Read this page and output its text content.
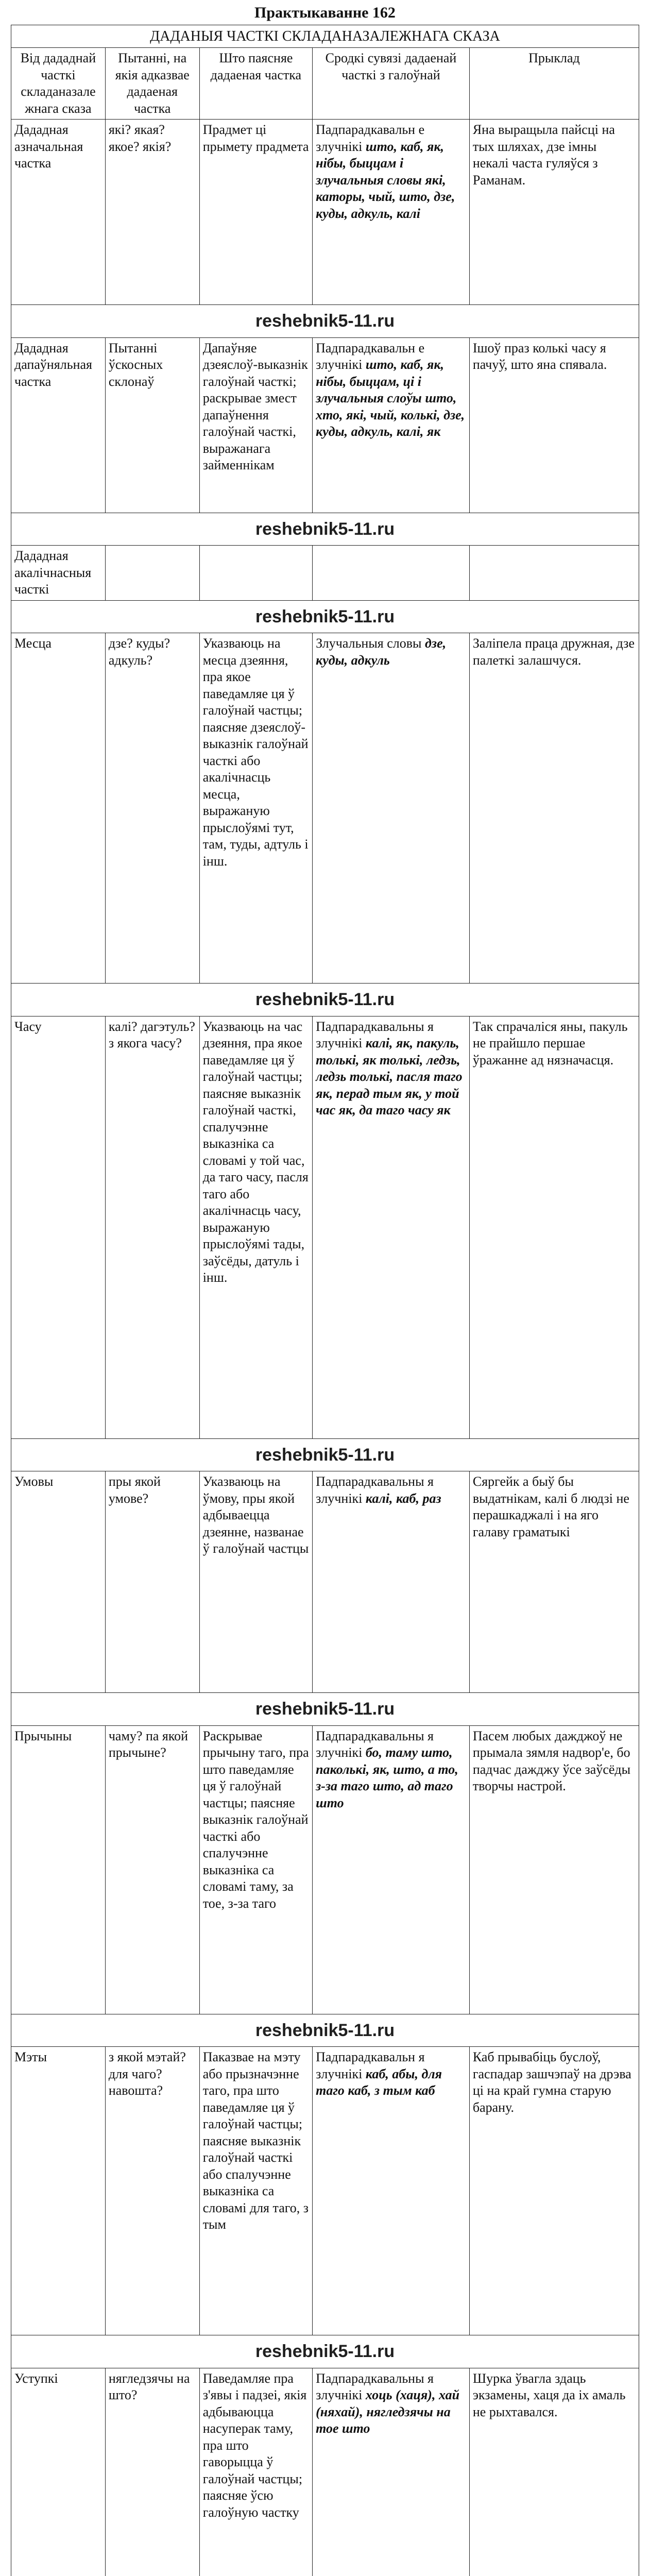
Практыкаванне 162
ДАДАНЫЯ ЧАСТКІ СКЛАДАНАЗАЛЕЖНАГА СКАЗА				
Від дададнай часткі складаназале жнага сказа	Пытанні, на якія адказвае дадаеная частка	Што паясняе дадаеная частка	Сродкі сувязі дадаенай часткі з галоўнай	Прыклад
Дададная азначальная частка	які? якая? якое? якія?	Прадмет ці прымету прадмета	Падпарадкавальн е злучнікі што, каб, як, нібы, быццам і злучальныя словы які, каторы, чый, што, дзе, куды, адкуль, калі	Яна выращыла пайсці на тых шляхах, дзе імны некалі часта гуляўся з Раманам.

reshebnik5-11.ru				

Дададная дапаўняльная частка	Пытанні ўскосных склонаў	Дапаўняе дзеяслоў-выказнік галоўнай часткі; раскрывае змест дапаўнення галоўнай часткі, выражанага займеннікам	Падпарадкавальн е злучнікі што, каб, як, нібы, быццам, ці і злучальныя слоўы што, хто, які, чый, колькі, дзе, куды, адкуль, калі, як	Ішоў праз колькі часу я пачуў, што яна спявала.

reshebnik5-11.ru				

Дададная акалічнасныя часткі				

reshebnik5-11.ru				

Месца	дзе? куды? адкуль?	Указваюць на месца дзеяння, пра якое паведамляе ця ў галоўнай частцы; паясняе дзеяслоў-выказнік галоўнай часткі або акалічнасць месца, выражаную прыслоўямі тут, там, туды, адтуль і інш.	Злучальныя словы дзе, куды, адкуль	Заліпела праца дружная, дзе палеткі залашчуся.

reshebnik5-11.ru				

Часу	калі? дагэтуль? з якога часу?	Указваюць на час дзеяння, пра якое паведамляе ця ў галоўнай частцы; паясняе выказнік галоўнай часткі, спалучэнне выказніка са словамі у той час, да таго часу, пасля таго або акалічнасць часу, выражаную прыслоўямі тады, заўсёды, датуль і інш.	Падпарадкавальны я злучнікі калі, як, пакуль, толькі, як толькі, ледзь, ледзь толькі, пасля таго як, перад тым як, у той час як, да таго часу як	Так спрачаліся яны, пакуль не прайшло першае ўражанне ад нязначасця.

reshebnik5-11.ru				

Умовы	пры якой умове?	Указваюць на ўмову, пры якой адбываецца дзеянне, названае ў галоўнай частцы	Падпарадкавальны я злучнікі калі, каб, раз	Сяргейк а быў бы выдатнікам, калі б людзі не перашкаджалі і на яго галаву граматыкі

reshebnik5-11.ru				

Прычыны	чаму? па якой прычыне?	Раскрывае прычыну таго, пра што паведамляе ця ў галоўнай частцы; паясняе выказнік галоўнай часткі або спалучэнне выказніка са словамі таму, за тое, з-за таго	Падпарадкавальны я злучнікі бо, таму што, паколькі, як, што, а то, з-за таго што, ад таго што	Пасем любых дажджоў не прымала зямля надвор'е, бо падчас дажджу ўсе заўсёды творчы настрой.

reshebnik5-11.ru				

Мэты	з якой мэтай? для чаго? навошта?	Паказвае на мэту або прызначэнне таго, пра што паведамляе ця ў галоўнай частцы; паясняе выказнік галоўнай часткі або спалучэнне выказніка са словамі для таго, з тым	Падпарадкавальн я злучнікі каб, абы, для таго каб, з тым каб	Каб прывабіць буслоў, гаспадар зашчэпаў на дрэва ці на край гумна старую барану.

reshebnik5-11.ru				

Уступкі	нягледзячы на што?	Паведамляе пра з'явы і падзеі, якія адбываюцца насуперак таму, пра што гаворыцца ў галоўнай частцы; паясняе ўсю галоўную частку	Падпарадкавальны я злучнікі хоць (хаця), хай (няхай), нягледзячы на тое што	Шурка ўвагла здаць экзамены, хаця да іх амаль не рыхтавался.
